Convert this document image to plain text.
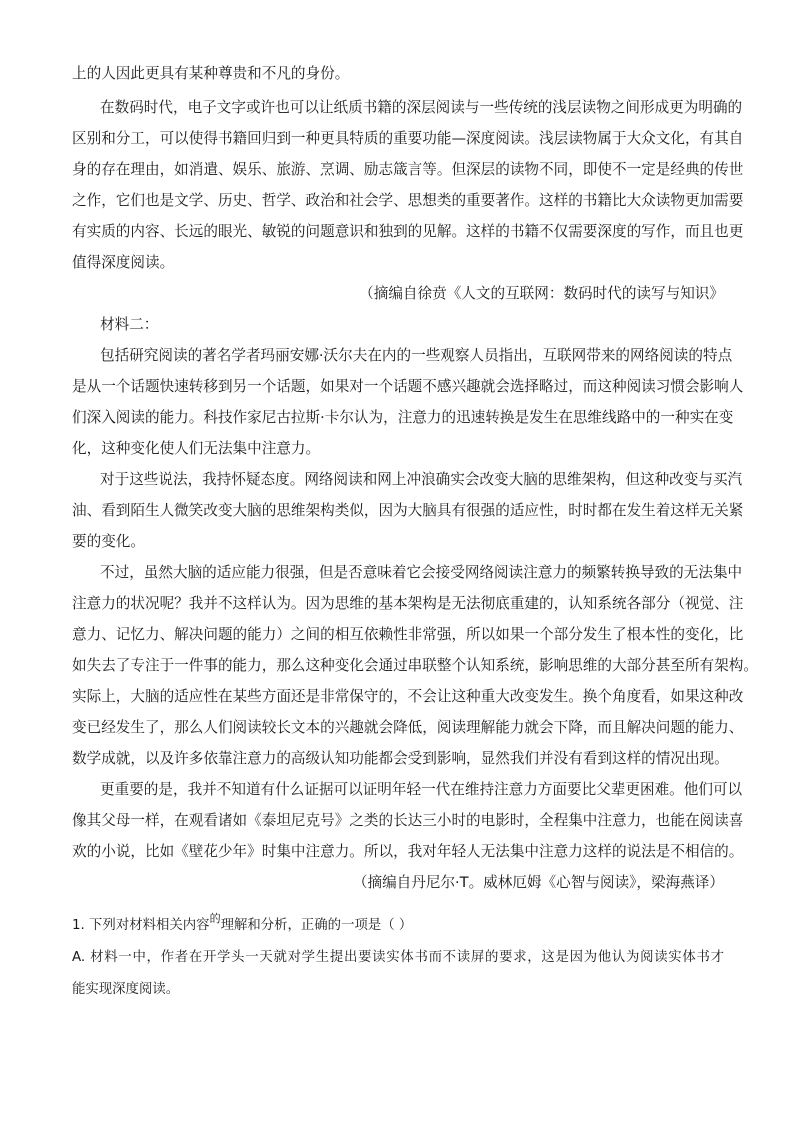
上的人因此更具有某种尊贵和不凡的身份。
在数码时代，电子文字或许也可以让纸质书籍的深层阅读与一些传统的浅层读物之间形成更为明确的
区别和分工，可以使得书籍回归到一种更具特质的重要功能—深度阅读。浅层读物属于大众文化，有其自
身的存在理由，如消遣、娱乐、旅游、烹调、励志箴言等。但深层的读物不同，即使不一定是经典的传世
之作，它们也是文学、历史、哲学、政治和社会学、思想类的重要著作。这样的书籍比大众读物更加需要
有实质的内容、长远的眼光、敏锐的问题意识和独到的见解。这样的书籍不仅需要深度的写作，而且也更
值得深度阅读。
（摘编自徐贲《人文的互联网：数码时代的读写与知识》
材料二：
包括研究阅读的著名学者玛丽安娜·沃尔夫在内的一些观察人员指出，互联网带来的网络阅读的特点
是从一个话题快速转移到另一个话题，如果对一个话题不感兴趣就会选择略过，而这种阅读习惯会影响人
们深入阅读的能力。科技作家尼古拉斯·卡尔认为，注意力的迅速转换是发生在思维线路中的一种实在变
化，这种变化使人们无法集中注意力。
对于这些说法，我持怀疑态度。网络阅读和网上冲浪确实会改变大脑的思维架构，但这种改变与买汽
油、看到陌生人微笑改变大脑的思维架构类似，因为大脑具有很强的适应性，时时都在发生着这样无关紧
要的变化。
不过，虽然大脑的适应能力很强，但是否意味着它会接受网络阅读注意力的频繁转换导致的无法集中
注意力的状况呢？我并不这样认为。因为思维的基本架构是无法彻底重建的，认知系统各部分（视觉、注
意力、记忆力、解决问题的能力）之间的相互依赖性非常强，所以如果一个部分发生了根本性的变化，比
如失去了专注于一件事的能力，那么这种变化会通过串联整个认知系统，影响思维的大部分甚至所有架构。
实际上，大脑的适应性在某些方面还是非常保守的，不会让这种重大改变发生。换个角度看，如果这种改
变已经发生了，那么人们阅读较长文本的兴趣就会降低，阅读理解能力就会下降，而且解决问题的能力、
数学成就，以及许多依靠注意力的高级认知功能都会受到影响，显然我们并没有看到这样的情况出现。
更重要的是，我并不知道有什么证据可以证明年轻一代在维持注意力方面要比父辈更困难。他们可以
像其父母一样，在观看诸如《泰坦尼克号》之类的长达三小时的电影时，全程集中注意力，也能在阅读喜
欢的小说，比如《壁花少年》时集中注意力。所以，我对年轻人无法集中注意力这样的说法是不相信的。
（摘编自丹尼尔·T。威林厄姆《心智与阅读》，梁海燕译）
1. 下列对材料相关内容$^的$理解和分析，正确的一项是（ ）
A. 材料一中，作者在开学头一天就对学生提出要读实体书而不读屏的要求，这是因为他认为阅读实体书才
能实现深度阅读。
